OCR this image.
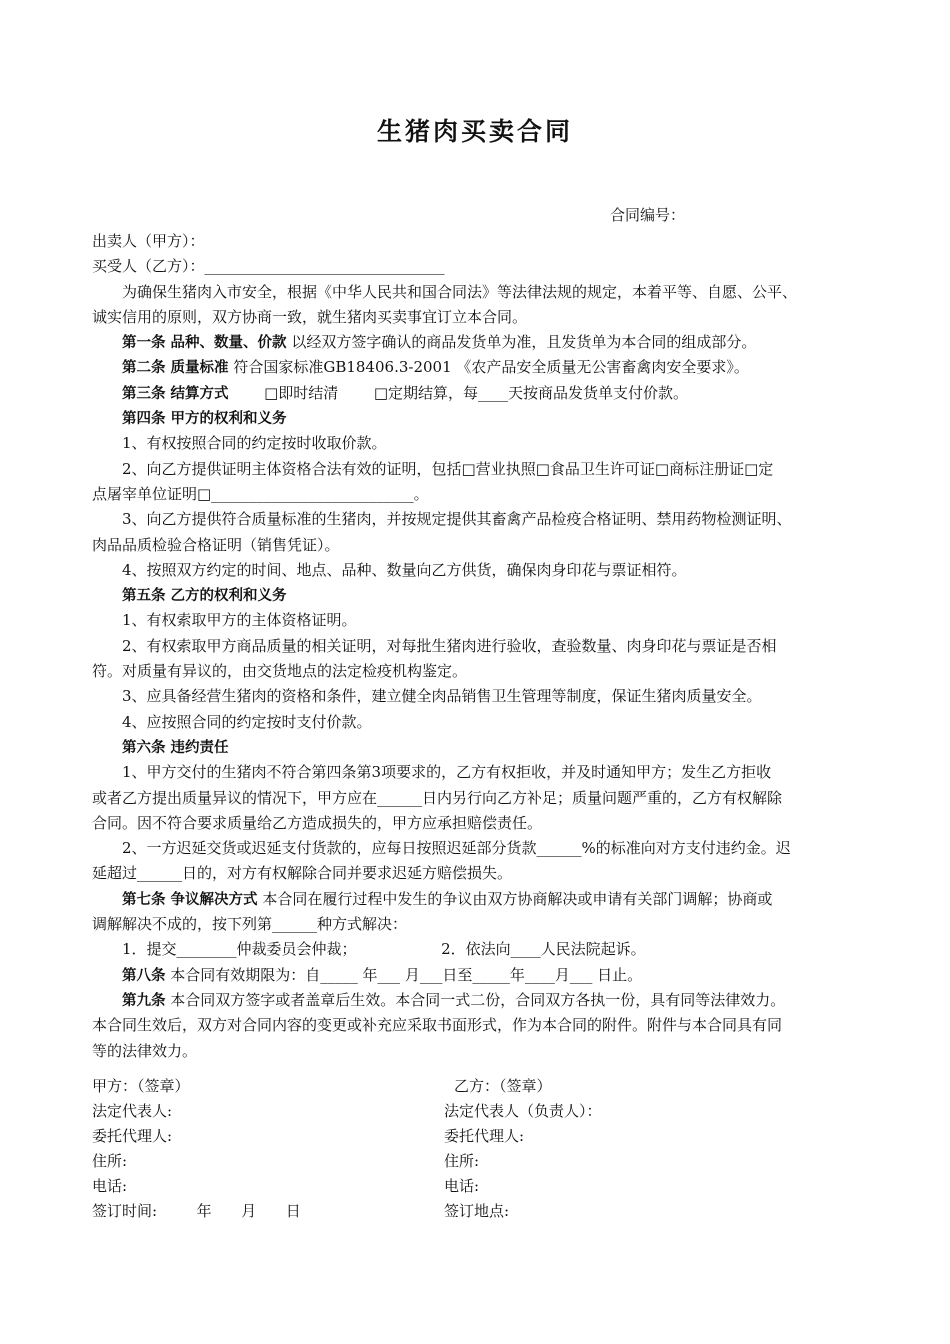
生猪肉买卖合同
合同编号：
出卖人（甲方）：
买受人（乙方）：________________________________
为确保生猪肉入市安全，根据《中华人民共和国合同法》等法律法规的规定，本着平等、自愿、公平、
诚实信用的原则，双方协商一致，就生猪肉买卖事宜订立本合同。
第一条 品种、数量、价款 以经双方签字确认的商品发货单为准，且发货单为本合同的组成部分。
第二条 质量标准 符合国家标准GB18406.3-2001 《农产品安全质量无公害畜禽肉安全要求》。
第三条 结算方式 □即时结清 □定期结算，每____天按商品发货单支付价款。
第四条 甲方的权利和义务
1、有权按照合同的约定按时收取价款。
2、向乙方提供证明主体资格合法有效的证明，包括□营业执照□食品卫生许可证□商标注册证□定
点屠宰单位证明□___________________________。
3、向乙方提供符合质量标准的生猪肉，并按规定提供其畜禽产品检疫合格证明、禁用药物检测证明、
肉品品质检验合格证明（销售凭证）。
4、按照双方约定的时间、地点、品种、数量向乙方供货，确保肉身印花与票证相符。
第五条 乙方的权利和义务
1、有权索取甲方的主体资格证明。
2、有权索取甲方商品质量的相关证明，对每批生猪肉进行验收，查验数量、肉身印花与票证是否相
符。对质量有异议的，由交货地点的法定检疫机构鉴定。
3、应具备经营生猪肉的资格和条件，建立健全肉品销售卫生管理等制度，保证生猪肉质量安全。
4、应按照合同的约定按时支付价款。
第六条 违约责任
1、甲方交付的生猪肉不符合第四条第3项要求的，乙方有权拒收，并及时通知甲方；发生乙方拒收
或者乙方提出质量异议的情况下，甲方应在______日内另行向乙方补足；质量问题严重的，乙方有权解除
合同。因不符合要求质量给乙方造成损失的，甲方应承担赔偿责任。
2、一方迟延交货或迟延支付货款的，应每日按照迟延部分货款______%的标准向对方支付违约金。迟
延超过______日的，对方有权解除合同并要求迟延方赔偿损失。
第七条 争议解决方式 本合同在履行过程中发生的争议由双方协商解决或申请有关部门调解；协商或
调解解决不成的，按下列第______种方式解决：
1．提交________仲裁委员会仲裁；	2．依法向____人民法院起诉。
第八条 本合同有效期限为：自_____ 年___ 月___日至_____年____月___ 日止。
第九条 本合同双方签字或者盖章后生效。本合同一式二份，合同双方各执一份，具有同等法律效力。
本合同生效后，双方对合同内容的变更或补充应采取书面形式，作为本合同的附件。附件与本合同具有同
等的法律效力。
甲方：（签章）	乙方：（签章）
法定代表人:	法定代表人（负责人）：
委托代理人:	委托代理人:
住所:	住所:
电话:	电话:
签订时间:	年 月 日	签订地点:
